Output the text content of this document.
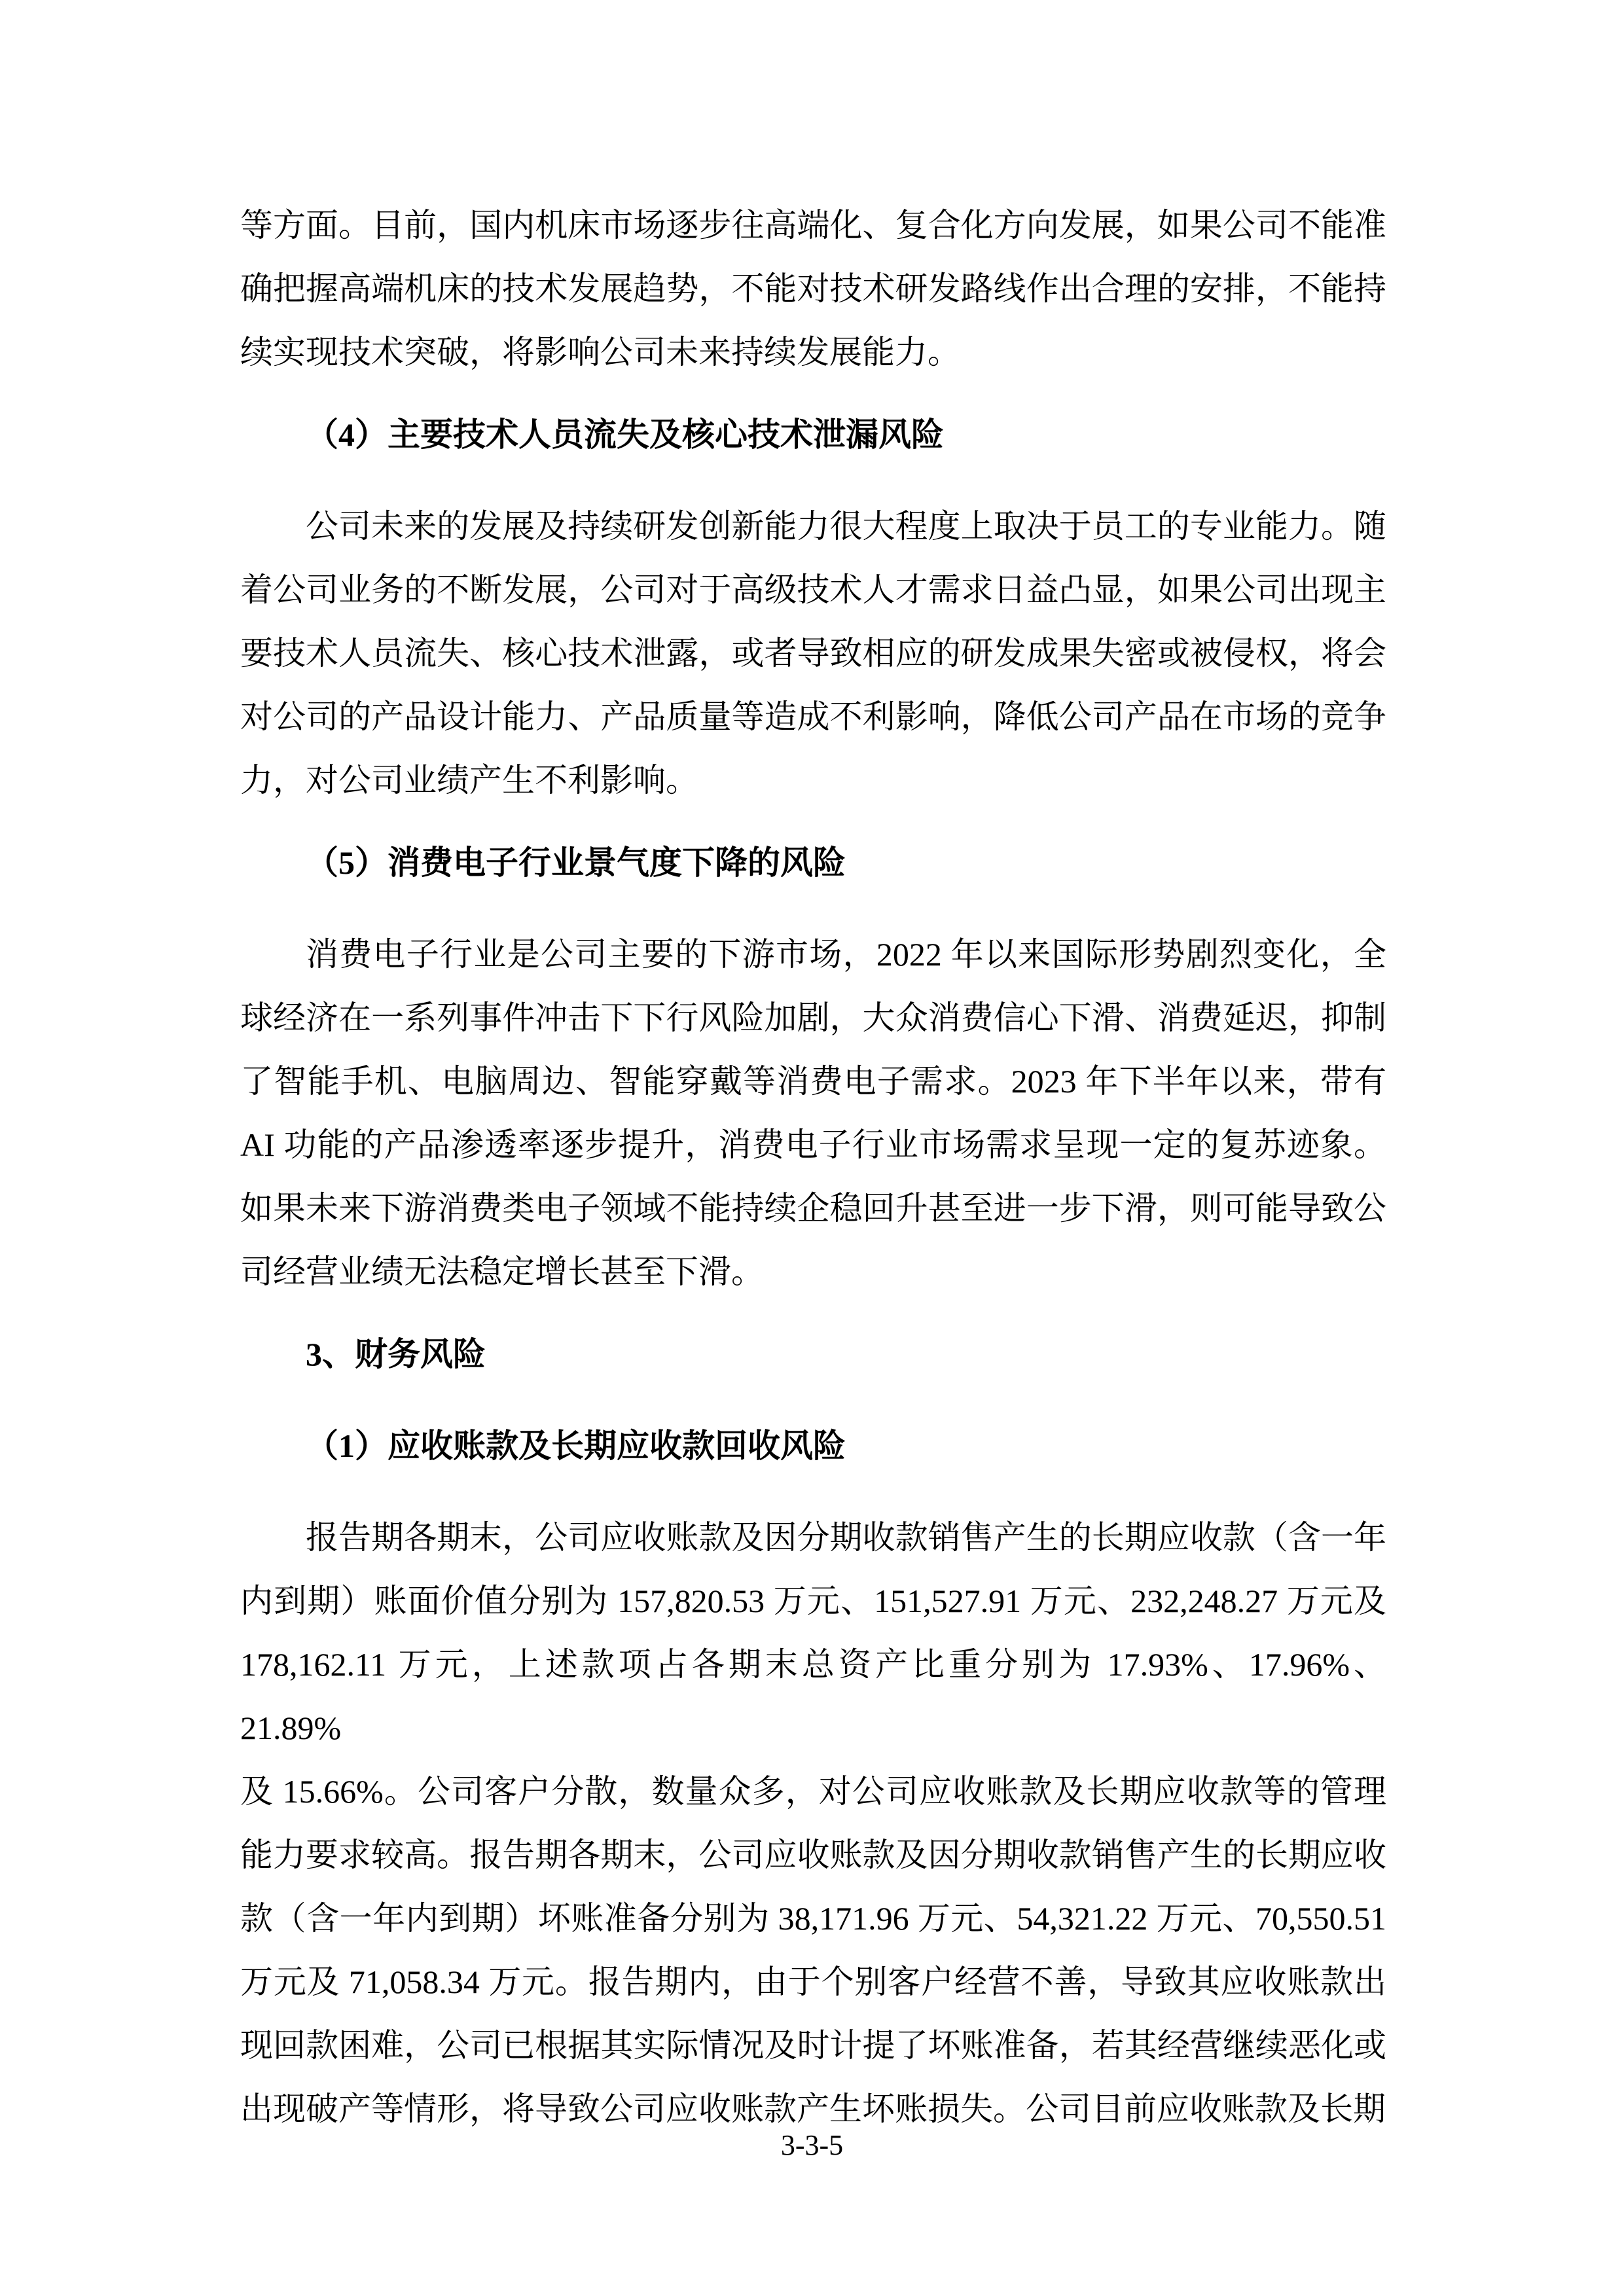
等方面。目前，国内机床市场逐步往高端化、复合化方向发展，如果公司不能准
确把握高端机床的技术发展趋势，不能对技术研发路线作出合理的安排，不能持
续实现技术突破，将影响公司未来持续发展能力。
（4）主要技术人员流失及核心技术泄漏风险
公司未来的发展及持续研发创新能力很大程度上取决于员工的专业能力。随
着公司业务的不断发展，公司对于高级技术人才需求日益凸显，如果公司出现主
要技术人员流失、核心技术泄露，或者导致相应的研发成果失密或被侵权，将会
对公司的产品设计能力、产品质量等造成不利影响，降低公司产品在市场的竞争
力，对公司业绩产生不利影响。
（5）消费电子行业景气度下降的风险
消费电子行业是公司主要的下游市场，2022 年以来国际形势剧烈变化，全
球经济在一系列事件冲击下下行风险加剧，大众消费信心下滑、消费延迟，抑制
了智能手机、电脑周边、智能穿戴等消费电子需求。2023 年下半年以来，带有
AI 功能的产品渗透率逐步提升，消费电子行业市场需求呈现一定的复苏迹象。
如果未来下游消费类电子领域不能持续企稳回升甚至进一步下滑，则可能导致公
司经营业绩无法稳定增长甚至下滑。
3、财务风险
（1）应收账款及长期应收款回收风险
报告期各期末，公司应收账款及因分期收款销售产生的长期应收款（含一年
内到期）账面价值分别为 157,820.53 万元、151,527.91 万元、232,248.27 万元及
178,162.11 万元，上述款项占各期末总资产比重分别为 17.93%、17.96%、21.89%
及 15.66%。公司客户分散，数量众多，对公司应收账款及长期应收款等的管理
能力要求较高。报告期各期末，公司应收账款及因分期收款销售产生的长期应收
款（含一年内到期）坏账准备分别为 38,171.96 万元、54,321.22 万元、70,550.51
万元及 71,058.34 万元。报告期内，由于个别客户经营不善，导致其应收账款出
现回款困难，公司已根据其实际情况及时计提了坏账准备，若其经营继续恶化或
出现破产等情形，将导致公司应收账款产生坏账损失。公司目前应收账款及长期
3-3-5
